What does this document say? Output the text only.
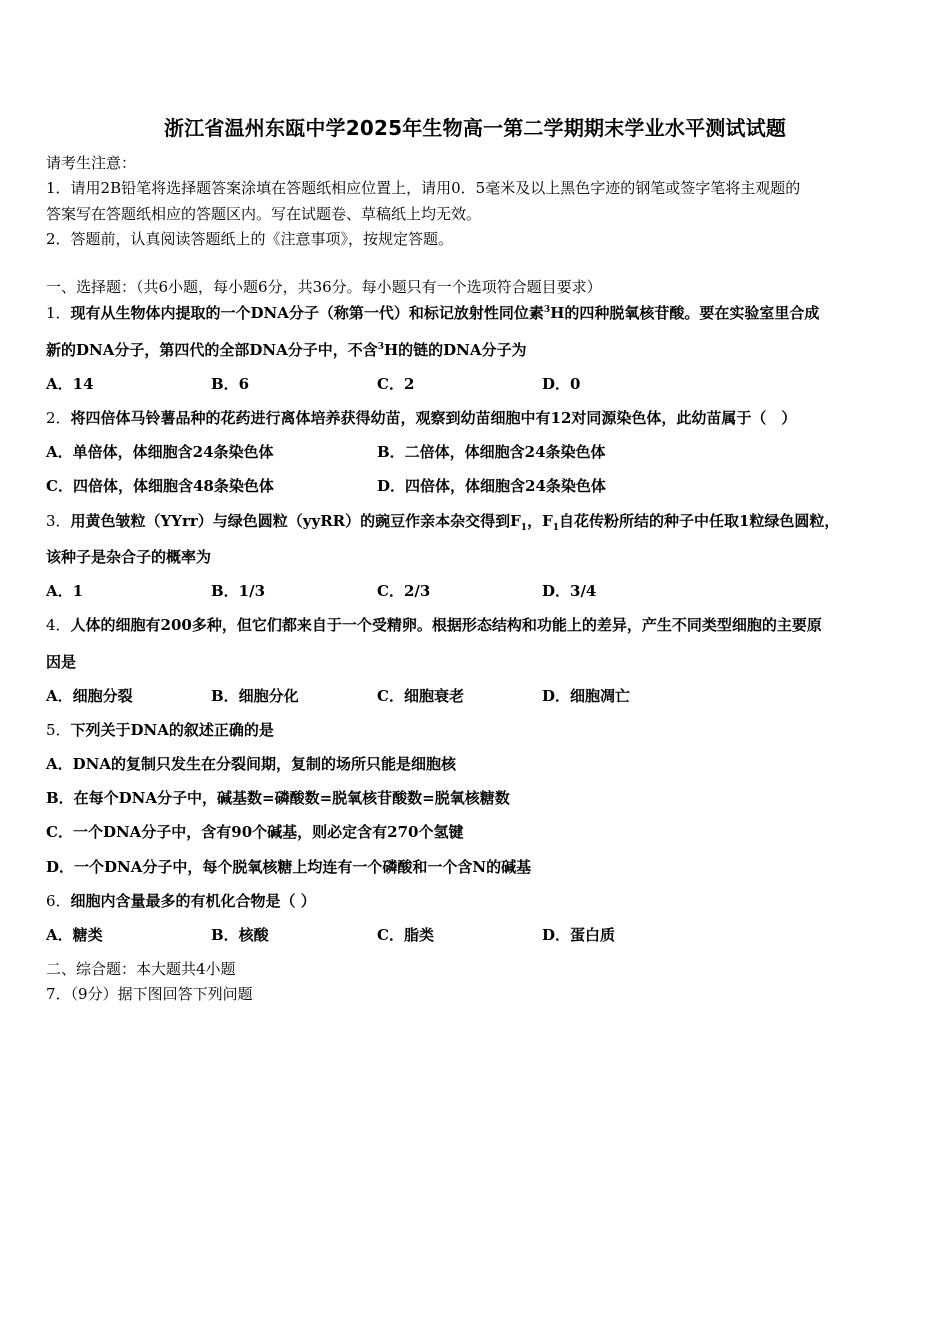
浙江省温州东瓯中学2025年生物高一第二学期期末学业水平测试试题
请考生注意：
1．请用2B铅笔将选择题答案涂填在答题纸相应位置上，请用0．5毫米及以上黑色字迹的钢笔或签字笔将主观题的
答案写在答题纸相应的答题区内。写在试题卷、草稿纸上均无效。
2．答题前，认真阅读答题纸上的《注意事项》，按规定答题。
一、选择题：（共6小题，每小题6分，共36分。每小题只有一个选项符合题目要求）
1．现有从生物体内提取的一个DNA分子（称第一代）和标记放射性同位素$^3$H的四种脱氧核苷酸。要在实验室里合成
新的DNA分子，第四代的全部DNA分子中，不含$^3$H的链的DNA分子为
A．14	B．6	C．2	D．0
2．将四倍体马铃薯品种的花药进行离体培养获得幼苗，观察到幼苗细胞中有12对同源染色体，此幼苗属于（　）
A．单倍体，体细胞含24条染色体	B．二倍体，体细胞含24条染色体
C．四倍体，体细胞含48条染色体	D．四倍体，体细胞含24条染色体
3．用黄色皱粒（YYrr）与绿色圆粒（yyRR）的豌豆作亲本杂交得到$F_1$，$F_1$自花传粉所结的种子中任取1粒绿色圆粒，
该种子是杂合子的概率为
A．1	B．1/3	C．2/3	D．3/4
4．人体的细胞有200多种，但它们都来自于一个受精卵。根据形态结构和功能上的差异，产生不同类型细胞的主要原
因是
A．细胞分裂	B．细胞分化	C．细胞衰老	D．细胞凋亡
5．下列关于DNA的叙述正确的是
A．DNA的复制只发生在分裂间期，复制的场所只能是细胞核
B．在每个DNA分子中，碱基数=磷酸数=脱氧核苷酸数=脱氧核糖数
C．一个DNA分子中，含有90个碱基，则必定含有270个氢键
D．一个DNA分子中，每个脱氧核糖上均连有一个磷酸和一个含N的碱基
6．细胞内含量最多的有机化合物是（ ）
A．糖类	B．核酸	C．脂类	D．蛋白质
二、综合题：本大题共4小题
7．（9分）据下图回答下列问题
